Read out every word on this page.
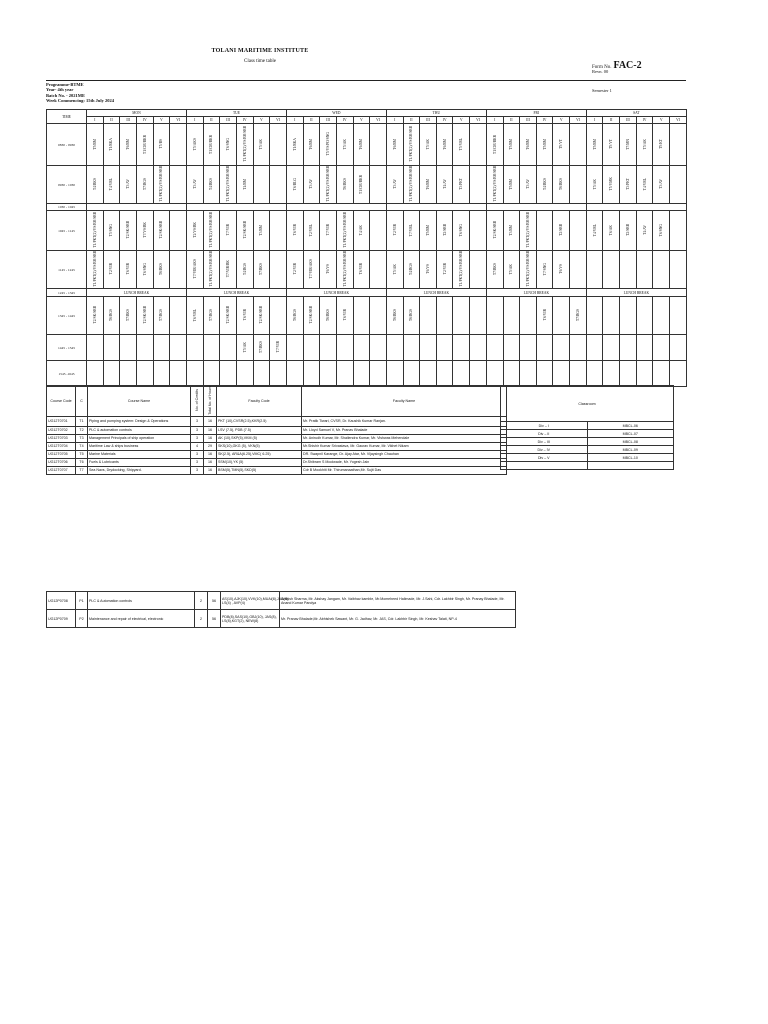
TOLANI MARITIME INSTITUTE
Class time table
Form No. FAC-2
Revn. 00
Semester 1
Programme-BTME
Year- 4th year
Batch No. - 2021ME
Week Commencing: 15th July 2024
TIME	MON						TUE						WED						THU						FRI						SAT					
	I	II	III	IV	V	VI	I	II	III	IV	V	VI	I	II	III	IV	V	VI	I	II	III	IV	V	VI	I	II	III	IV	V	VI	I	II	III	IV	V	VI
0830 - 0930	T5/BM	T1/RKA	T6/BM	T1/CM/BKR	T5/BS		T5/AKS	T1/CM/BKR	T6/SNG	T1/PKT(2)/VS/BH/SRB	T5/AK		T1/RKA	T6/BM	T5/VS/PO/SNG	T5/AK	T6/BM		T6/BM	T1/PKT(2)/VS/BH/SRB	T5/AK	T6/BM	T5/VRL		T1/CM/BKR	T5/BM	T6/BM	T5/BM	T5/VT		T5/BM	T5/VT	T7/MN	T5/AK	T5/KT	
0930 - 1030	T4/BKS	T4/VRL	T3/AV	T7/BGS	T1/PKT(2)/VS/BH/SRB		T3/AV	T4/BKS	T1/PKT(2)/VS/BH/SRB	T4/BM			T6/BLG	T3/AV	T1/PKT(2)/VS/BH/SRB	T6/BKS	T1/CM/BKR		T3/AV	T1/PKT(2)/VS/BH/SRB	T6/BM	T4/AV	T3/PKT		T1/PKT(2)/VS/BH/SRB	T5/BM	T3/AV	T4/BKS	T6/BKS		T5/AK	T5/VMK	T3/PKT	T4/VRL	T3/AV	
1030 - 1045																																				
1045 - 1145	T1/PKT(2)/VS/BH/SRB	T5/SNG	T2/SK/SRB	T7/VS/BK	T2/SK/SRB		T2/VS/BK	T1/PKT(2)/VS/BH/SRB	T7/VIR	T2/SK/SRB	T3/BM		T6/VIR	T2/VRL	T7/VIR	T1/PKT(2)/VS/BH/SRB	T4/AK		T2/VIR	T7/VRL	T5/BM	T2/SRB	T6/SNG		T2/SK/SRB	T3/BM	T1/PKT(2)/VS/BH/SRB		T2/SRB		T4/VRL	T6/AK	T2/SRB	T4/AV	T6/SNG	
1145 - 1245	T1/PKT(2)/VS/BH/SRB	T2/VIR	T6/VIR	T6/SNG	T6/BKS		T7/VIR/AKS	T1/PKT(2)/VS/BH/SRB	T7/VIR/BK	T4/BGS	T7/BKS		T2/VIR	T7/VIR/AKS	T6/VS	T1/PKT(2)/VS/BH/SRB	T6/VIR		T5/AK	T4/BGS	T6/VS	T2/VIR	T1/PKT(2)/VS/BH/SRB		T7/BKS	T5/AK	T1/PKT(2)/VS/BH/SRB	T7/SNG	T6/VS							
1245 - 1345	LUNCH BREAK						LUNCH BREAK						LUNCH BREAK						LUNCH BREAK						LUNCH BREAK						LUNCH BREAK					
1345 - 1445	T2/SK/SRB	T6/BGS	T7/BKS	T2/SK/SRB	T7/BGS		T6/VRL	T7/BGS	T2/SK/SRB	T6/VIR	T2/SK/SRB		T6/BGS	T2/SK/SRB	T6/BKS	T6/VIR			T6/BKS	T6/BGS								T6/VIR		T7/BGS						
1445 - 1545										T5/AK	T7/BKS	T7/VIR																								
1545 -1645																																				
Course Code	C	Course Name	No. of Credits	Total No. of Hours	Faculty Code	Faculty Name
UG12T0701	T1	Piping and pumping system: Design & Operations	3	16	PKT (10),CVSR(2.5),KKR(2.5)	Mr. Pratik Tiwari, CVSR, Dr. Kaushik Kumar Ranjan.
UG12T0702	T2	PLC & automation controls	3	16	LSV (7.5), PDB (7.5)	Mr. Lloyd Samuel V, Mr. Pranav Bhalade
UG12T0703	T3	Management Principals of ship operation	3	16	AK (10),SKP(5),VKM (5)	Mr. Anirudh Kumar, Mr. Shailendra Kumar, Mr. Vishwas Mehendale
UG12T0704	T4	Maritime Law & ships business	4	29	SKS(10),GKG (5), VKN(5)	Mr.Shishir Kumar Srivastava, Mr. Gaurav Kumar, Mr. Vikhet Nikam
UG12T0705	T5	Marine Materials	3	16	SK(2.5), AR&A(6.25),VMC( 6.25)	DR. Swapnil Karange, Dr. Ajay Atar, Mr. Vijaysingh Chauhan
UG12T0706	T6	Fuels & Lubricants	3	16	SSM(10),YK (5)	Dr.Shibram S Moolwade, Mr. Yogesh Jain
UG12T0707	T7	Sea Navs, Drydocking, Shipyard.	3	16	BSM(5),TMN(5),SKD(5)	Cdr B Mookhiti Mr. Thirumanaathan,Mr. Sujit Das
Classroom	
Div – I	MBCL-06
Div – II	MBCL-07
Div – III	MBCL-08
Div – IV	MBCL-09
Div – V	MBCL-10

UG12P0708	P1	PLC & Automation controls	2	56	AS(10),AJK(10),VVK(10),MUAl(8),JAS(8), LS(4) , AVP(4)	Ambish Sharma, Mr. Akshay Jangam, Mr. Vaibhav kamble, Mr.Momeheed Halimade, Mr. J.Sahi, Cdr. Lakhbir Singh, Mr. Pranay Bhalade, Mr. Anand Kumar Pandya
UG12P0709	P2	Maintenance and repair of electrical, electronic	2	56	PDB(8),SAS(10),GBJ(10), JAS(8), LS(8),KGT(2), NEW(8)	Mr. Pranav Bhalade,Mr. Abhishek Sawant, Mr. G. Jadhav, Mr. JAS, Cdr. Lakhbir Singh, Mr. Keshav Talati, NP-4
